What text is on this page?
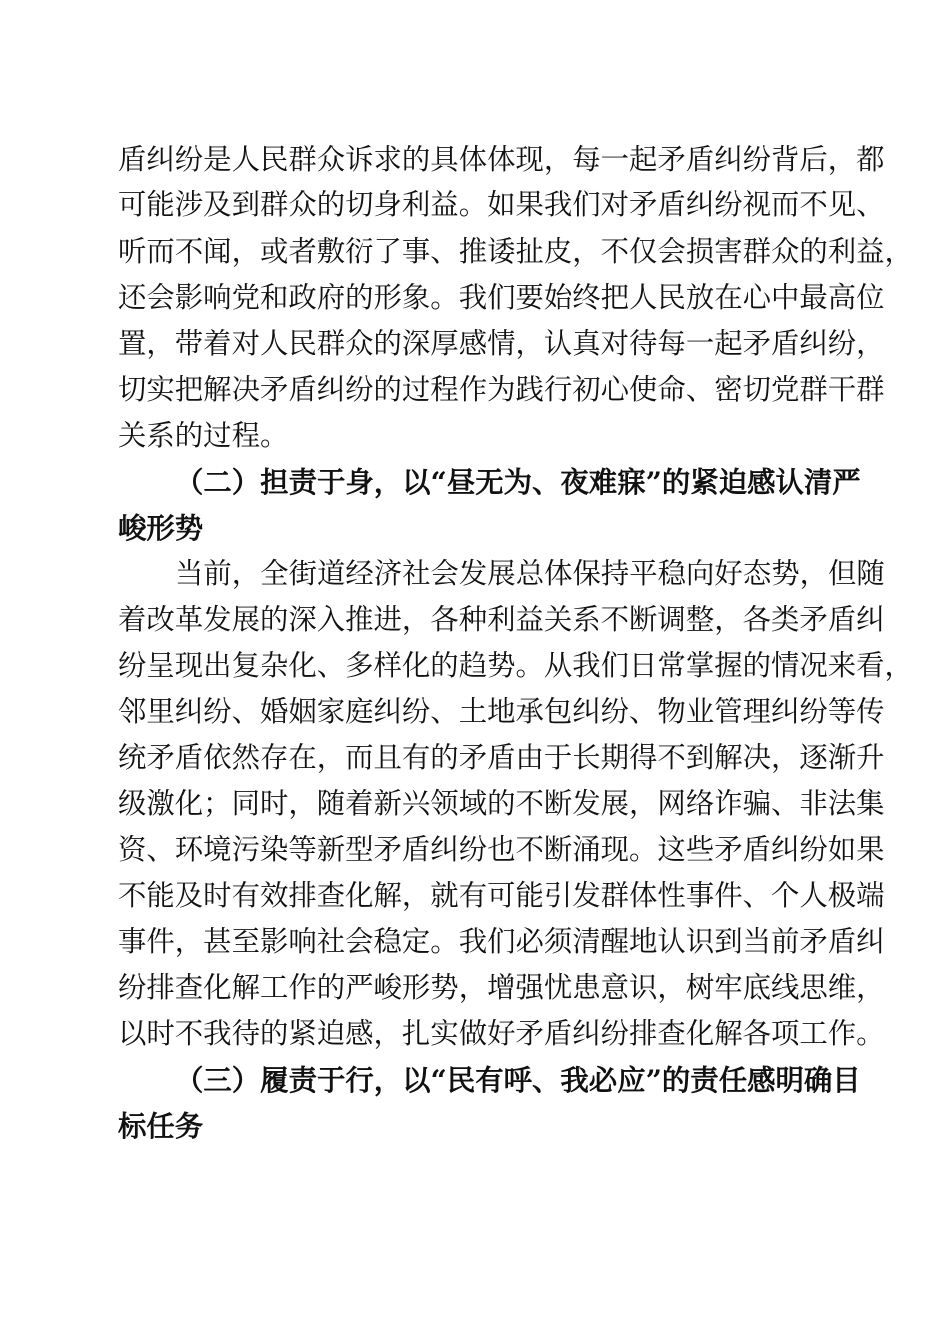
盾纠纷是人民群众诉求的具体体现，每一起矛盾纠纷背后，都
可能涉及到群众的切身利益。如果我们对矛盾纠纷视而不见、
听而不闻，或者敷衍了事、推诿扯皮，不仅会损害群众的利益，
还会影响党和政府的形象。我们要始终把人民放在心中最高位
置，带着对人民群众的深厚感情，认真对待每一起矛盾纠纷，
切实把解决矛盾纠纷的过程作为践行初心使命、密切党群干群
关系的过程。
（二）担责于身，以“昼无为、夜难寐”的紧迫感认清严
峻形势
当前，全街道经济社会发展总体保持平稳向好态势，但随
着改革发展的深入推进，各种利益关系不断调整，各类矛盾纠
纷呈现出复杂化、多样化的趋势。从我们日常掌握的情况来看，
邻里纠纷、婚姻家庭纠纷、土地承包纠纷、物业管理纠纷等传
统矛盾依然存在，而且有的矛盾由于长期得不到解决，逐渐升
级激化；同时，随着新兴领域的不断发展，网络诈骗、非法集
资、环境污染等新型矛盾纠纷也不断涌现。这些矛盾纠纷如果
不能及时有效排查化解，就有可能引发群体性事件、个人极端
事件，甚至影响社会稳定。我们必须清醒地认识到当前矛盾纠
纷排查化解工作的严峻形势，增强忧患意识，树牢底线思维，
以时不我待的紧迫感，扎实做好矛盾纠纷排查化解各项工作。
（三）履责于行，以“民有呼、我必应”的责任感明确目
标任务
